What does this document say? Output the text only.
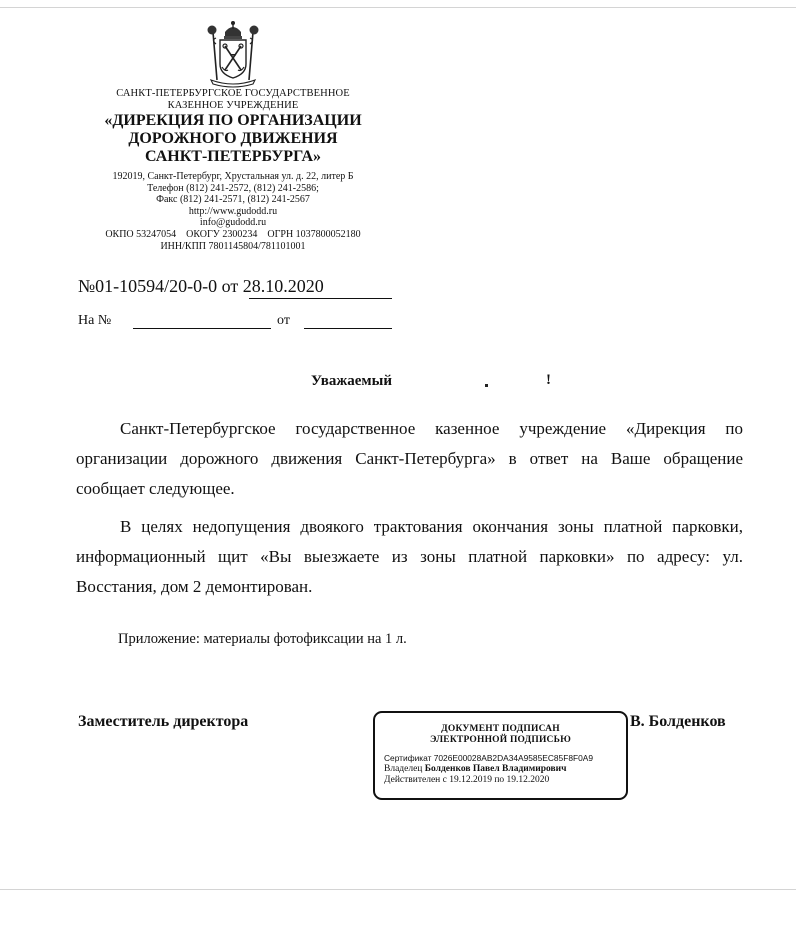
САНКТ-ПЕТЕРБУРГСКОЕ ГОСУДАРСТВЕННОЕ
КАЗЕННОЕ УЧРЕЖДЕНИЕ
«ДИРЕКЦИЯ ПО ОРГАНИЗАЦИИ
ДОРОЖНОГО ДВИЖЕНИЯ
САНКТ-ПЕТЕРБУРГА»
192019, Санкт-Петербург, Хрустальная ул. д. 22, литер Б
Телефон (812) 241-2572, (812) 241-2586;
Факс (812) 241-2571, (812) 241-2567
http://www.gudodd.ru
info@gudodd.ru
ОКПО 53247054    ОКОГУ 2300234    ОГРН 1037800052180
ИНН/КПП 7801145804/781101001
№01-10594/20-0-0 от 28.10.2020
На №	от
Уважаемый	!
Санкт-Петербургское государственное казенное учреждение «Дирекция по организации дорожного движения Санкт-Петербурга» в ответ на Ваше обращение сообщает следующее.
В целях недопущения двоякого трактования окончания зоны платной парковки, информационный щит «Вы выезжаете из зоны платной парковки» по адресу: ул. Восстания, дом 2 демонтирован.
Приложение: материалы фотофиксации на 1 л.
Заместитель директора	ДОКУМЕНТ ПОДПИСАН
ЭЛЕКТРОННОЙ ПОДПИСЬЮ
Сертификат 7026E00028AB2DA34A9585EC85F8F0A9
Владелец Болденков Павел Владимирович
Действителен с 19.12.2019 по 19.12.2020
В. Болденков
